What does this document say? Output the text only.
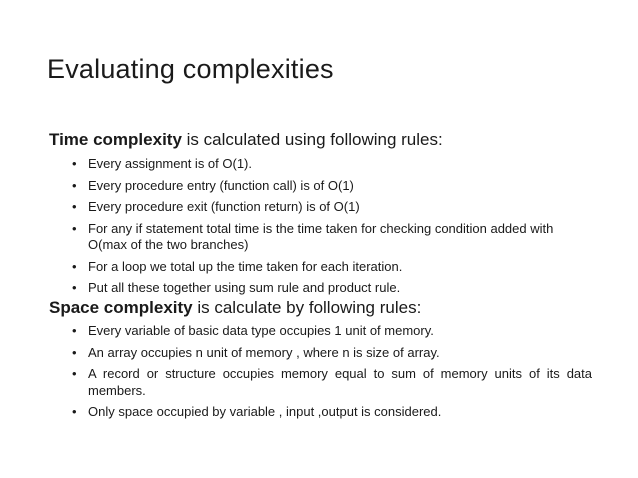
Evaluating complexities
Time complexity is calculated using following rules:
• Every assignment is of O(1).
• Every procedure entry (function call) is of O(1)
• Every procedure exit (function return) is of O(1)
• For any if statement total time is the time taken for checking condition added with O(max of the two branches)
• For a loop we total up the time taken for each iteration.
• Put all these together using sum rule and product rule.
Space complexity is calculate by following rules:
• Every variable of basic data type occupies 1 unit of memory.
• An array occupies n unit of memory , where n is size of array.
• A record or structure occupies memory equal to sum of memory units of its data members.
• Only space occupied by variable , input ,output is considered.
